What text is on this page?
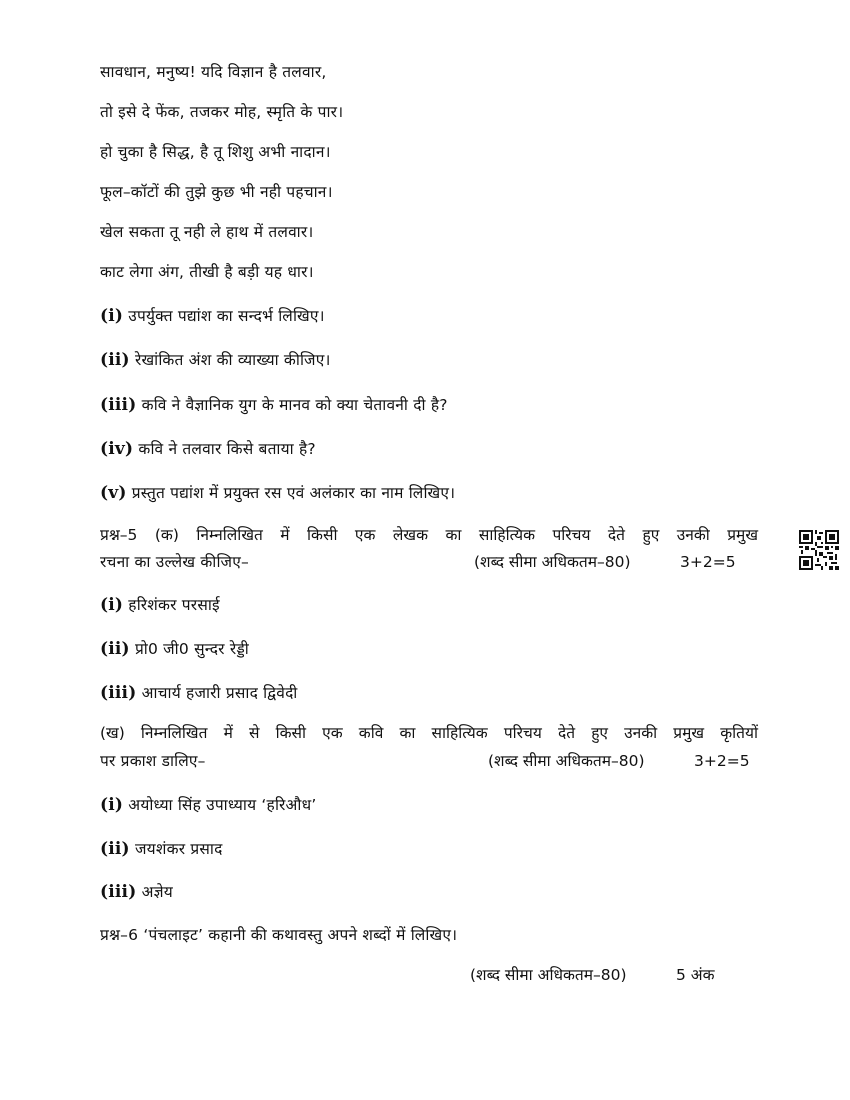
सावधान, मनुष्य! यदि विज्ञान है तलवार,
तो इसे दे फेंक, तजकर मोह, स्मृति के पार।
हो चुका है सिद्ध, है तू शिशु अभी नादान।
फूल–कॉटों की तुझे कुछ भी नही पहचान।
खेल सकता तू नही ले हाथ में तलवार।
काट लेगा अंग, तीखी है बड़ी यह धार।
(i) उपर्युक्त पद्यांश का सन्दर्भ लिखिए।
(ii) रेखांकित अंश की व्याख्या कीजिए।
(iii) कवि ने वैज्ञानिक युग के मानव को क्या चेतावनी दी है?
(iv) कवि ने तलवार किसे बताया है?
(v) प्रस्तुत पद्यांश में प्रयुक्त रस एवं अलंकार का नाम लिखिए।
प्रश्न–5 (क) निम्नलिखित में किसी एक लेखक का साहित्यिक परिचय देते हुए उनकी प्रमुख
रचना का उल्लेख कीजिए–	(शब्द सीमा अधिकतम–80)	3+2=5
(i) हरिशंकर परसाई
(ii) प्रो0 जी0 सुन्दर रेड्डी
(iii) आचार्य हजारी प्रसाद द्विवेदी
(ख) निम्नलिखित में से किसी एक कवि का साहित्यिक परिचय देते हुए उनकी प्रमुख कृतियों
पर प्रकाश डालिए–	(शब्द सीमा अधिकतम–80)	3+2=5
(i) अयोध्या सिंह उपाध्याय ‘हरिऔध’
(ii) जयशंकर प्रसाद
(iii) अज्ञेय
प्रश्न–6 ‘पंचलाइट’ कहानी की कथावस्तु अपने शब्दों में लिखिए।
(शब्द सीमा अधिकतम–80)	5 अंक
